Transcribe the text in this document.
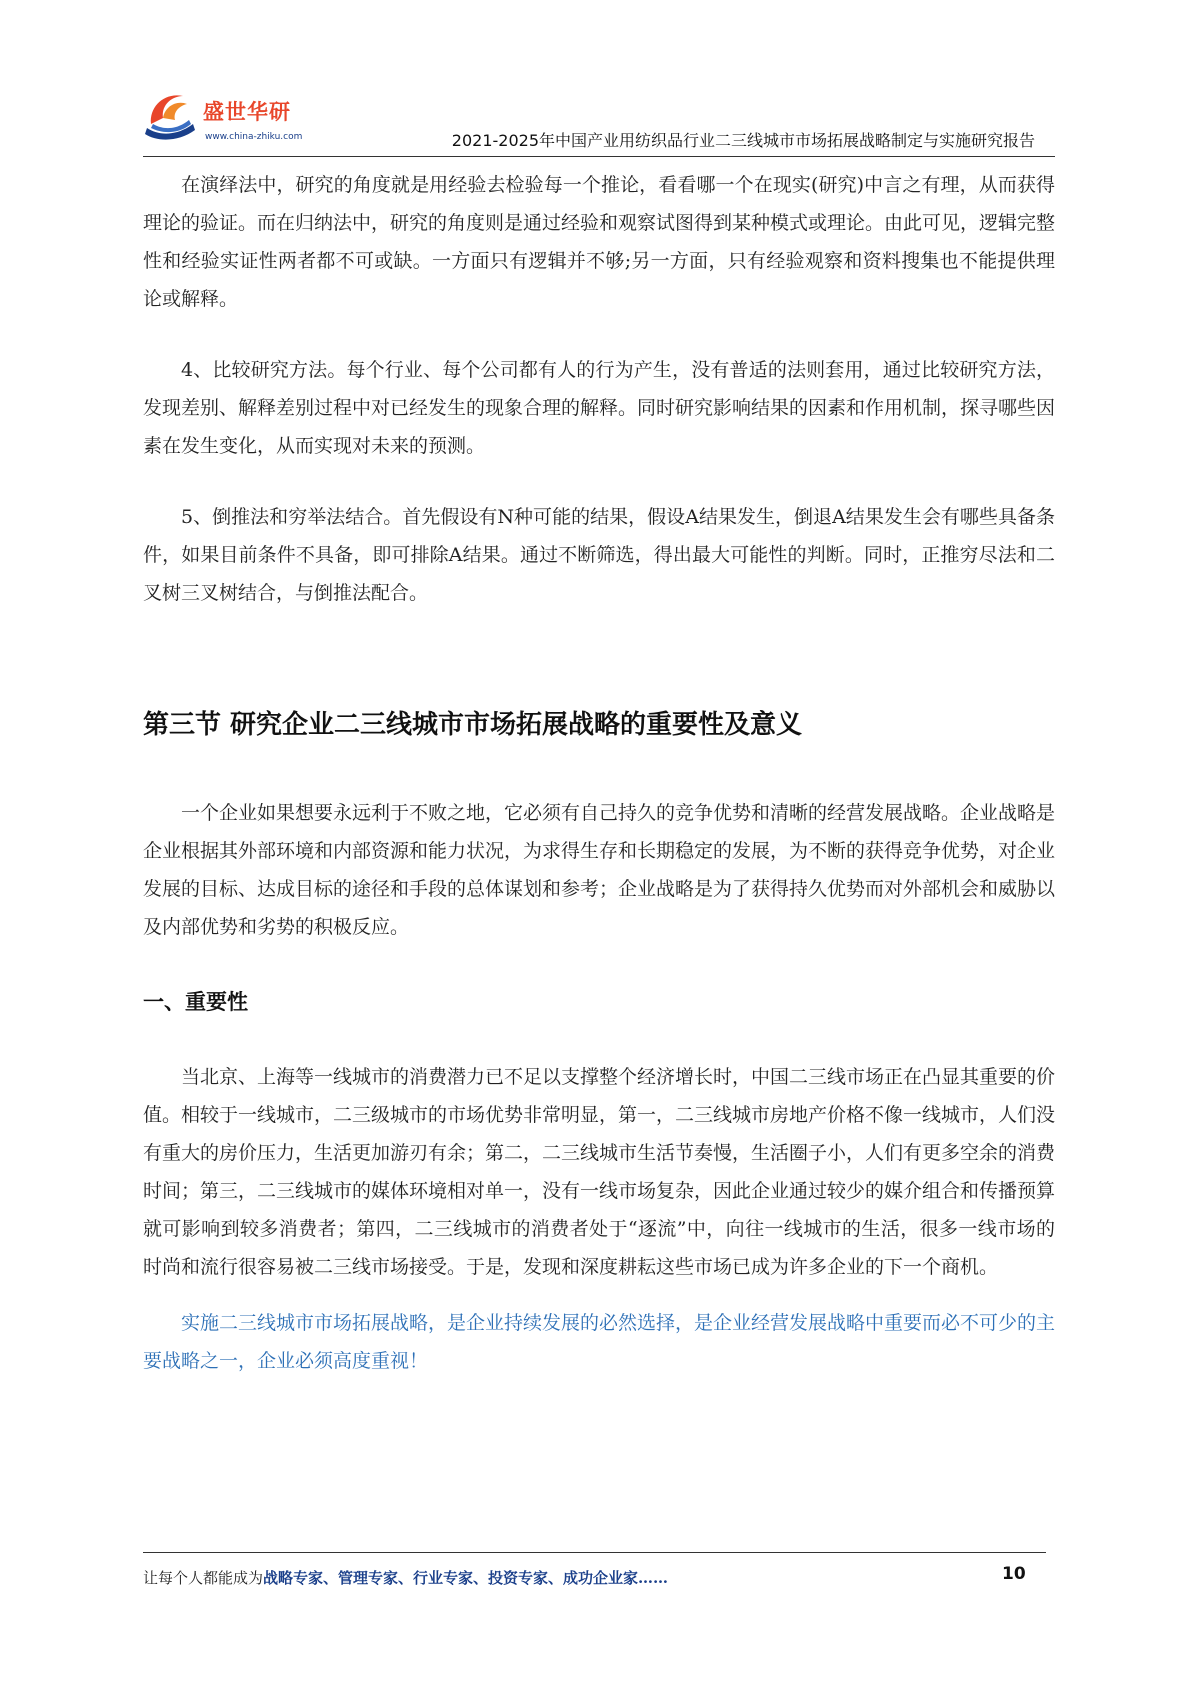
盛世华研
www.china-zhiku.com	2021-2025年中国产业用纺织品行业二三线城市市场拓展战略制定与实施研究报告

在演绎法中，研究的角度就是用经验去检验每一个推论，看看哪一个在现实(研究)中言之有理，从而获得理论的验证。而在归纳法中，研究的角度则是通过经验和观察试图得到某种模式或理论。由此可见，逻辑完整性和经验实证性两者都不可或缺。一方面只有逻辑并不够;另一方面，只有经验观察和资料搜集也不能提供理论或解释。

4、比较研究方法。每个行业、每个公司都有人的行为产生，没有普适的法则套用，通过比较研究方法，发现差别、解释差别过程中对已经发生的现象合理的解释。同时研究影响结果的因素和作用机制，探寻哪些因素在发生变化，从而实现对未来的预测。

5、倒推法和穷举法结合。首先假设有N种可能的结果，假设A结果发生，倒退A结果发生会有哪些具备条件，如果目前条件不具备，即可排除A结果。通过不断筛选，得出最大可能性的判断。同时，正推穷尽法和二叉树三叉树结合，与倒推法配合。

第三节 研究企业二三线城市市场拓展战略的重要性及意义

一个企业如果想要永远利于不败之地，它必须有自己持久的竞争优势和清晰的经营发展战略。企业战略是企业根据其外部环境和内部资源和能力状况，为求得生存和长期稳定的发展，为不断的获得竞争优势，对企业发展的目标、达成目标的途径和手段的总体谋划和参考；企业战略是为了获得持久优势而对外部机会和威胁以及内部优势和劣势的积极反应。

一、重要性

当北京、上海等一线城市的消费潜力已不足以支撑整个经济增长时，中国二三线市场正在凸显其重要的价值。相较于一线城市，二三级城市的市场优势非常明显，第一，二三线城市房地产价格不像一线城市，人们没有重大的房价压力，生活更加游刃有余；第二，二三线城市生活节奏慢，生活圈子小，人们有更多空余的消费时间；第三，二三线城市的媒体环境相对单一，没有一线市场复杂，因此企业通过较少的媒介组合和传播预算就可影响到较多消费者；第四，二三线城市的消费者处于“逐流”中，向往一线城市的生活，很多一线市场的时尚和流行很容易被二三线市场接受。于是，发现和深度耕耘这些市场已成为许多企业的下一个商机。

实施二三线城市市场拓展战略，是企业持续发展的必然选择，是企业经营发展战略中重要而必不可少的主要战略之一，企业必须高度重视！

让每个人都能成为战略专家、管理专家、行业专家、投资专家、成功企业家……	10
